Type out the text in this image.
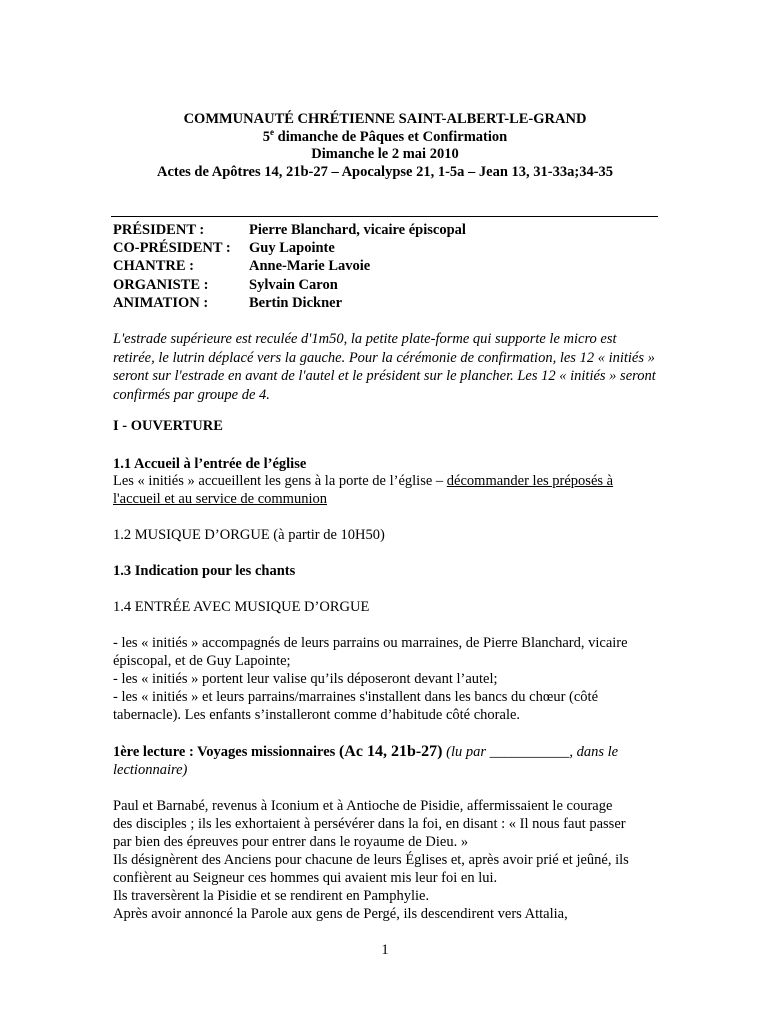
COMMUNAUTÉ CHRÉTIENNE SAINT-ALBERT-LE-GRAND
5e dimanche de Pâques et Confirmation
Dimanche le 2 mai 2010
Actes de Apôtres 14, 21b-27 – Apocalypse 21, 1-5a – Jean 13, 31-33a;34-35
PRÉSIDENT :	Pierre Blanchard, vicaire épiscopal
CO-PRÉSIDENT :	Guy Lapointe
CHANTRE :	Anne-Marie Lavoie
ORGANISTE :	Sylvain Caron
ANIMATION :	Bertin Dickner
L'estrade supérieure est reculée d'1m50, la petite plate-forme qui supporte le micro est retirée, le lutrin déplacé vers la gauche. Pour la cérémonie de confirmation, les 12 « initiés » seront sur l'estrade en avant de l'autel et le président sur le plancher. Les 12 « initiés » seront confirmés par groupe de 4.
I - OUVERTURE
1.1 Accueil à l’entrée de l’église
Les « initiés » accueillent les gens à la porte de l’église – décommander les préposés à
l'accueil et au service de communion
1.2 MUSIQUE D’ORGUE (à partir de 10H50)
1.3 Indication pour les chants
1.4 ENTRÉE AVEC MUSIQUE D’ORGUE
- les « initiés » accompagnés de leurs parrains ou marraines, de Pierre Blanchard, vicaire
épiscopal, et de Guy Lapointe;
- les « initiés » portent leur valise qu’ils déposeront devant l’autel;
- les « initiés » et leurs parrains/marraines s'installent dans les bancs du chœur (côté
tabernacle). Les enfants s’installeront comme d’habitude côté chorale.
1ère lecture : Voyages missionnaires (Ac 14, 21b-27) (lu par ___________, dans le
lectionnaire)
Paul et Barnabé, revenus à Iconium et à Antioche de Pisidie, affermissaient le courage
des disciples ; ils les exhortaient à persévérer dans la foi, en disant : « Il nous faut passer
par bien des épreuves pour entrer dans le royaume de Dieu. »
Ils désignèrent des Anciens pour chacune de leurs Églises et, après avoir prié et jeûné, ils
confièrent au Seigneur ces hommes qui avaient mis leur foi en lui.
Ils traversèrent la Pisidie et se rendirent en Pamphylie.
Après avoir annoncé la Parole aux gens de Pergé, ils descendirent vers Attalia,
1
